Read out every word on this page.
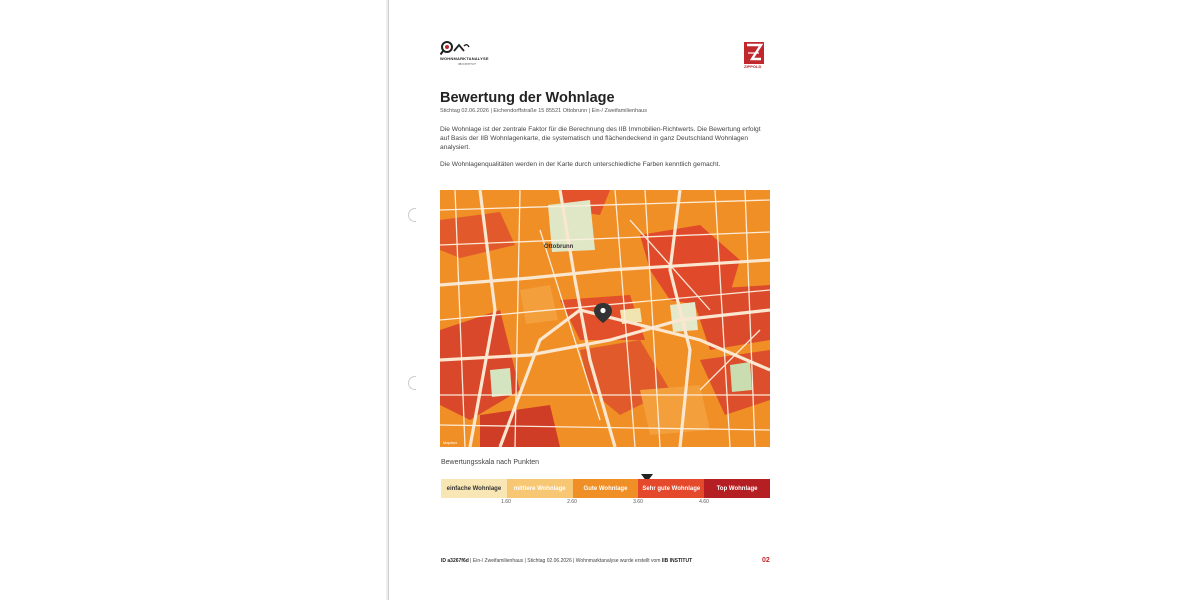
WOHNMARKTANALYSE
IIB INSTITUT	ZIPPOLD
Bewertung der Wohnlage
Stichtag 02.06.2026 | Eichendorffstraße 15 85521 Ottobrunn | Ein-/ Zweifamilienhaus

Die Wohnlage ist der zentrale Faktor für die Berechnung des IIB Immobilien-Richtwerts. Die Bewertung erfolgt auf Basis der IIB Wohnlagenkarte, die systematisch und flächendeckend in ganz Deutschland Wohnlagen analysiert.

Die Wohnlagenqualitäten werden in der Karte durch unterschiedliche Farben kenntlich gemacht.

Ottobrunn
Mapbox
Bewertungsskala nach Punkten
einfache Wohnlage	mittlere Wohnlage	Gute Wohnlage	Sehr gute Wohnlage	Top Wohnlage
1.60	2.60	3.60	4.60
ID a3267f6d | Ein-/ Zweifamilienhaus | Stichtag 02.06.2026 | Wohnmarktanalyse wurde erstellt vom IIB INSTITUT	02
